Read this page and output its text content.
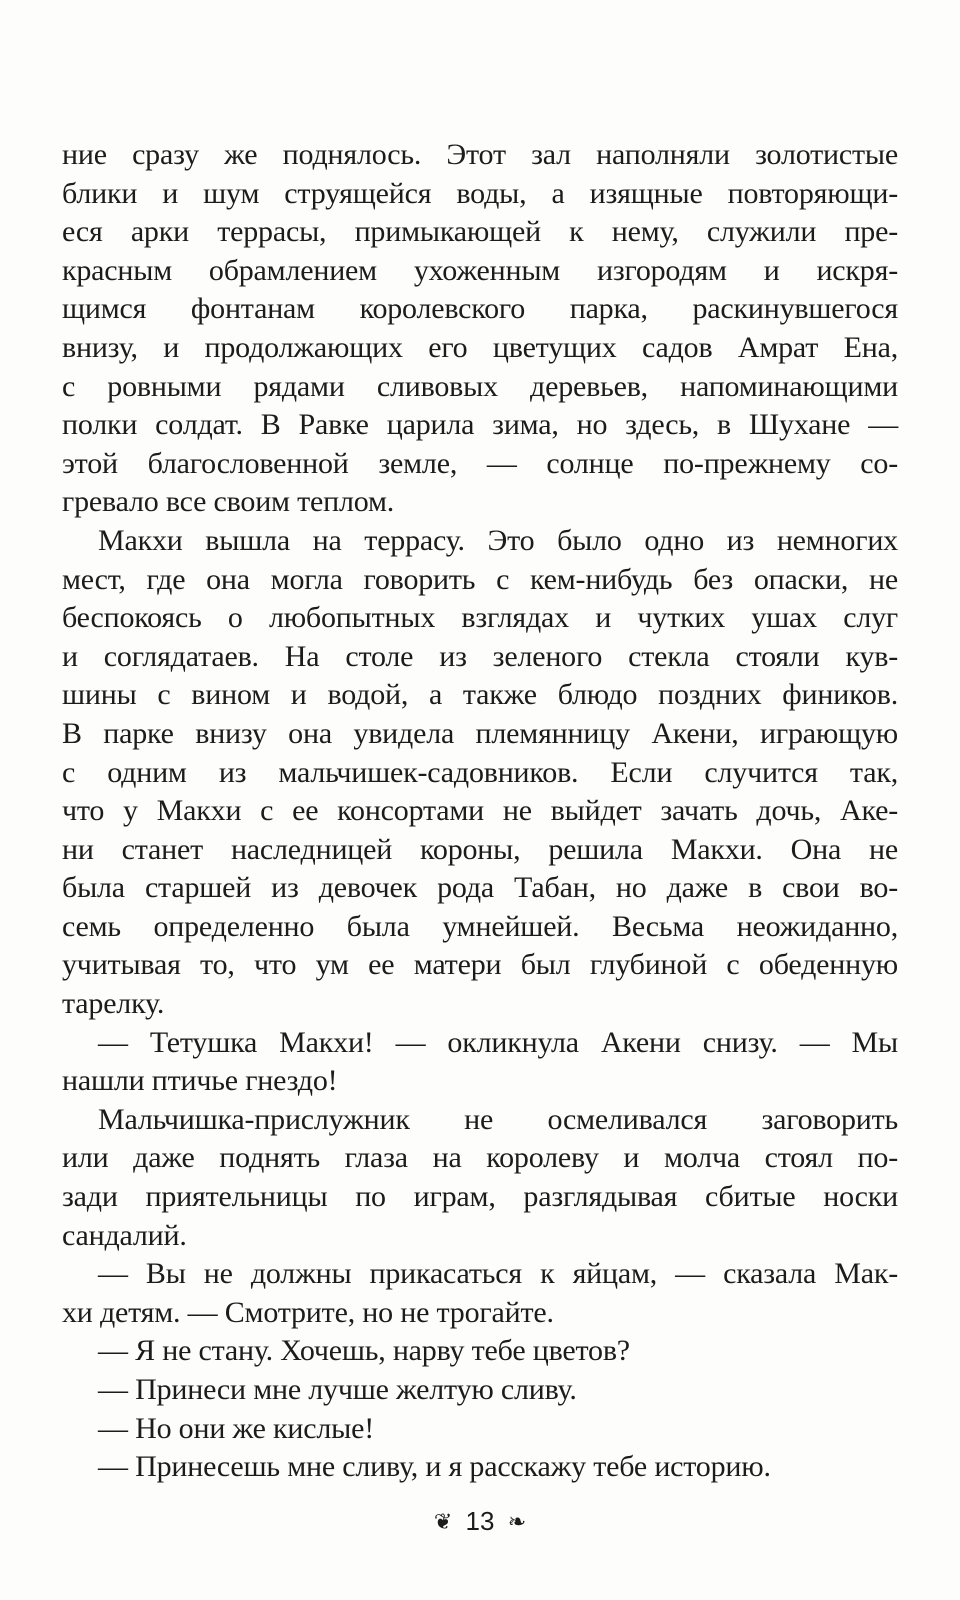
ние сразу же поднялось. Этот зал наполняли золотистые
блики и шум струящейся воды, а изящные повторяющи-
еся арки террасы, примыкающей к нему, служили пре-
красным обрамлением ухоженным изгородям и искря-
щимся фонтанам королевского парка, раскинувшегося
внизу, и продолжающих его цветущих садов Амрат Ена,
с ровными рядами сливовых деревьев, напоминающими
полки солдат. В Равке царила зима, но здесь, в Шухане —
этой благословенной земле, — солнце по-прежнему со-
гревало все своим теплом.
Макхи вышла на террасу. Это было одно из немногих
мест, где она могла говорить с кем-нибудь без опаски, не
беспокоясь о любопытных взглядах и чутких ушах слуг
и соглядатаев. На столе из зеленого стекла стояли кув-
шины с вином и водой, а также блюдо поздних фиников.
В парке внизу она увидела племянницу Акени, играющую
с одним из мальчишек-садовников. Если случится так,
что у Макхи с ее консортами не выйдет зачать дочь, Аке-
ни станет наследницей короны, решила Макхи. Она не
была старшей из девочек рода Табан, но даже в свои во-
семь определенно была умнейшей. Весьма неожиданно,
учитывая то, что ум ее матери был глубиной с обеденную
тарелку.
— Тетушка Макхи! — окликнула Акени снизу. — Мы
нашли птичье гнездо!
Мальчишка-прислужник не осмеливался заговорить
или даже поднять глаза на королеву и молча стоял по-
зади приятельницы по играм, разглядывая сбитые носки
сандалий.
— Вы не должны прикасаться к яйцам, — сказала Мак-
хи детям. — Смотрите, но не трогайте.
— Я не стану. Хочешь, нарву тебе цветов?
— Принеси мне лучше желтую сливу.
— Но они же кислые!
— Принесешь мне сливу, и я расскажу тебе историю.
❦ 13 ❧
